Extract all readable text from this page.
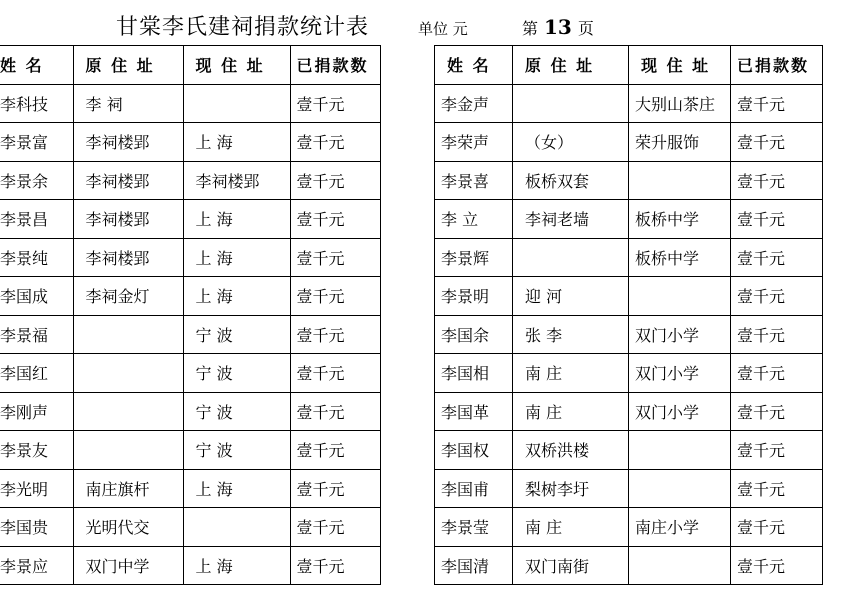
甘棠李氏建祠捐款统计表	单位 元	第 13 页
姓 名	原 住 址	现 住 址	已捐款数
李科技	李 祠		壹千元
李景富	李祠楼郢	上 海	壹千元
李景余	李祠楼郢	李祠楼郢	壹千元
李景昌	李祠楼郢	上 海	壹千元
李景纯	李祠楼郢	上 海	壹千元
李国成	李祠金灯	上 海	壹千元
李景福		宁 波	壹千元
李国红		宁 波	壹千元
李刚声		宁 波	壹千元
李景友		宁 波	壹千元
李光明	南庄旗杆	上 海	壹千元
李国贵	光明代交		壹千元
李景应	双门中学	上 海	壹千元
姓 名	原 住 址	现 住 址	已捐款数
李金声		大别山茶庄	壹千元
李荣声	（女）	荣升服饰	壹千元
李景喜	板桥双套		壹千元
李 立	李祠老墙	板桥中学	壹千元
李景辉		板桥中学	壹千元
李景明	迎 河		壹千元
李国余	张 李	双门小学	壹千元
李国相	南 庄	双门小学	壹千元
李国革	南 庄	双门小学	壹千元
李国权	双桥洪楼		壹千元
李国甫	梨树李圩		壹千元
李景莹	南 庄	南庄小学	壹千元
李国清	双门南街		壹千元
